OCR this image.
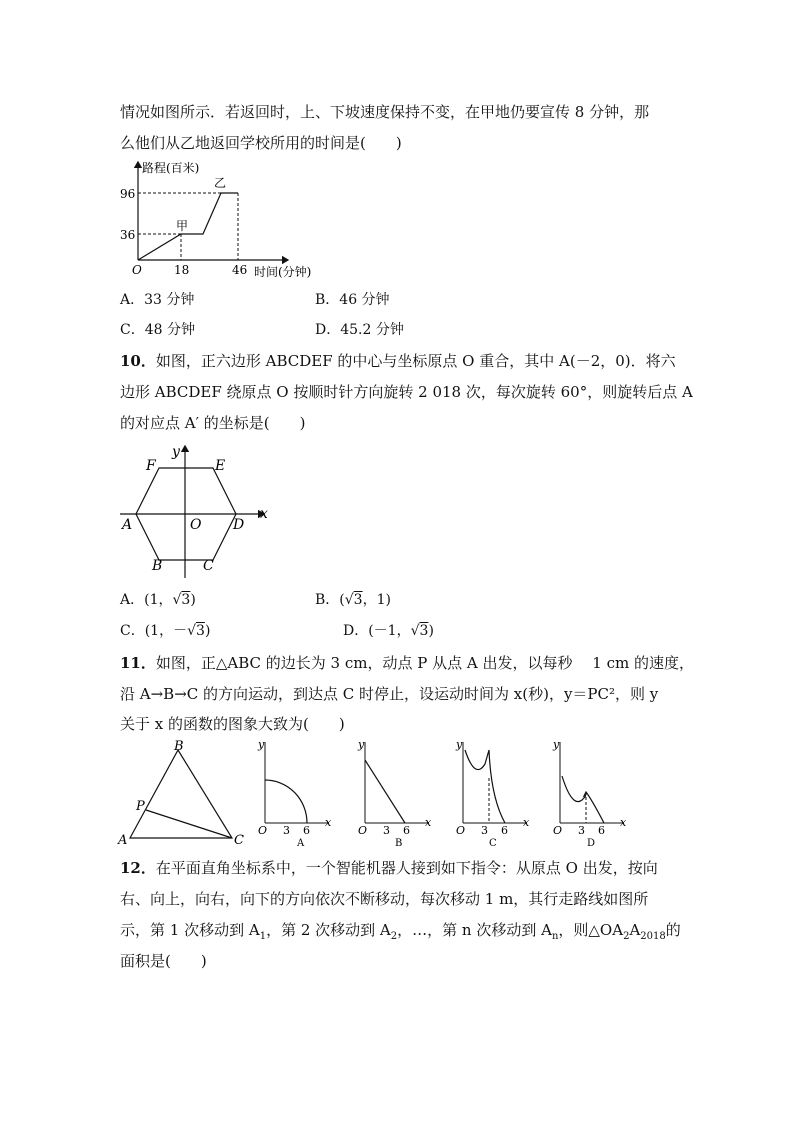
情况如图所示．若返回时，上、下坡速度保持不变，在甲地仍要宣传 8 分钟，那
么他们从乙地返回学校所用的时间是(　　)
路程(百米)
96
36
O	18	46 时间(分钟)
甲
乙
A．33 分钟	B．46 分钟
C．48 分钟	D．45.2 分钟
10．如图，正六边形 ABCDEF 的中心与坐标原点 O 重合，其中 A(－2，0)．将六
边形 ABCDEF 绕原点 O 按顺时针方向旋转 2 018 次，每次旋转 60°，则旋转后点 A
的对应点 A′ 的坐标是(　　)
y
x
F	E
A	O D
B	C
A．(1，√3)	B．(√3，1)
C．(1，－√3)	D．(－1，√3)
11．如图，正△ABC 的边长为 3 cm，动点 P 从点 A 出发，以每秒　 1 cm 的速度，
沿 A→B→C 的方向运动，到达点 C 时停止，设运动时间为 x(秒)，y＝PC²，则 y
关于 x 的函数的图象大致为(　　)
B
P
A	C
y
x
O 3 6
A
y
x
O 3 6
B
y
x
O 3 6
C
y
x
O 3 6
D
12．在平面直角坐标系中，一个智能机器人接到如下指令：从原点 O 出发，按向
右、向上，向右，向下的方向依次不断移动，每次移动 1 m，其行走路线如图所
示，第 1 次移动到 $A_1$，第 2 次移动到 $A_2$，…，第 n 次移动到 $A_n$，则$\triangle OA_2A_{2018}$的
面积是(　　)
